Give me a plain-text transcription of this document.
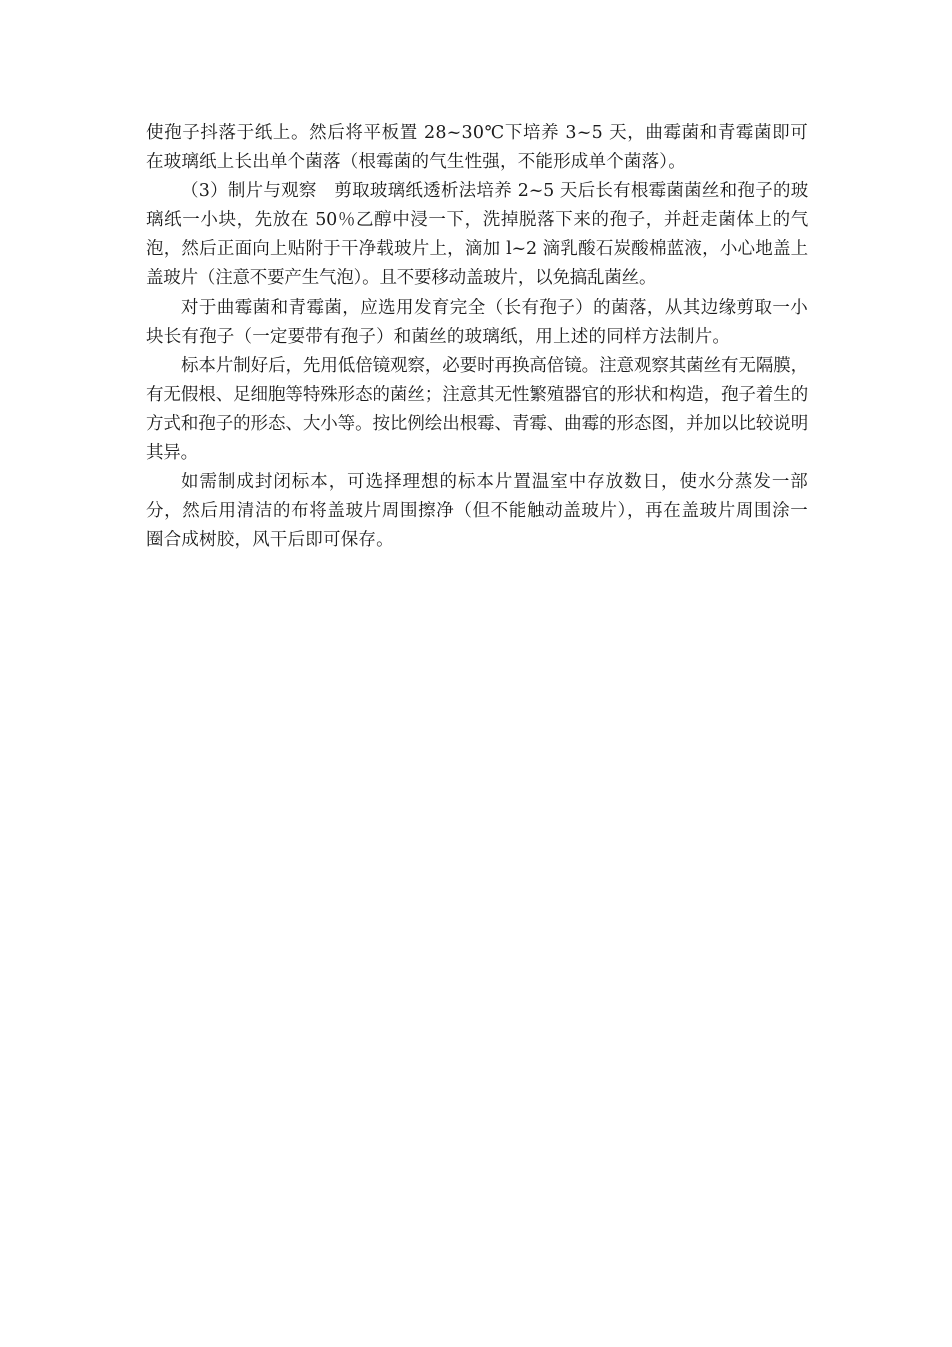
使孢子抖落于纸上。然后将平板置 28~30℃下培养 3~5 天，曲霉菌和青霉菌即可在玻璃纸上长出单个菌落（根霉菌的气生性强，不能形成单个菌落）。

（3）制片与观察　剪取玻璃纸透析法培养 2~5 天后长有根霉菌菌丝和孢子的玻璃纸一小块，先放在 50％乙醇中浸一下，洗掉脱落下来的孢子，并赶走菌体上的气泡，然后正面向上贴附于干净载玻片上，滴加 l~2 滴乳酸石炭酸棉蓝液，小心地盖上盖玻片（注意不要产生气泡）。且不要移动盖玻片，以免搞乱菌丝。

对于曲霉菌和青霉菌，应选用发育完全（长有孢子）的菌落，从其边缘剪取一小块长有孢子（一定要带有孢子）和菌丝的玻璃纸，用上述的同样方法制片。

标本片制好后，先用低倍镜观察，必要时再换高倍镜。注意观察其菌丝有无隔膜，有无假根、足细胞等特殊形态的菌丝；注意其无性繁殖器官的形状和构造，孢子着生的方式和孢子的形态、大小等。按比例绘出根霉、青霉、曲霉的形态图，并加以比较说明其异。

如需制成封闭标本，可选择理想的标本片置温室中存放数日，使水分蒸发一部分，然后用清洁的布将盖玻片周围擦净（但不能触动盖玻片），再在盖玻片周围涂一圈合成树胶，风干后即可保存。
